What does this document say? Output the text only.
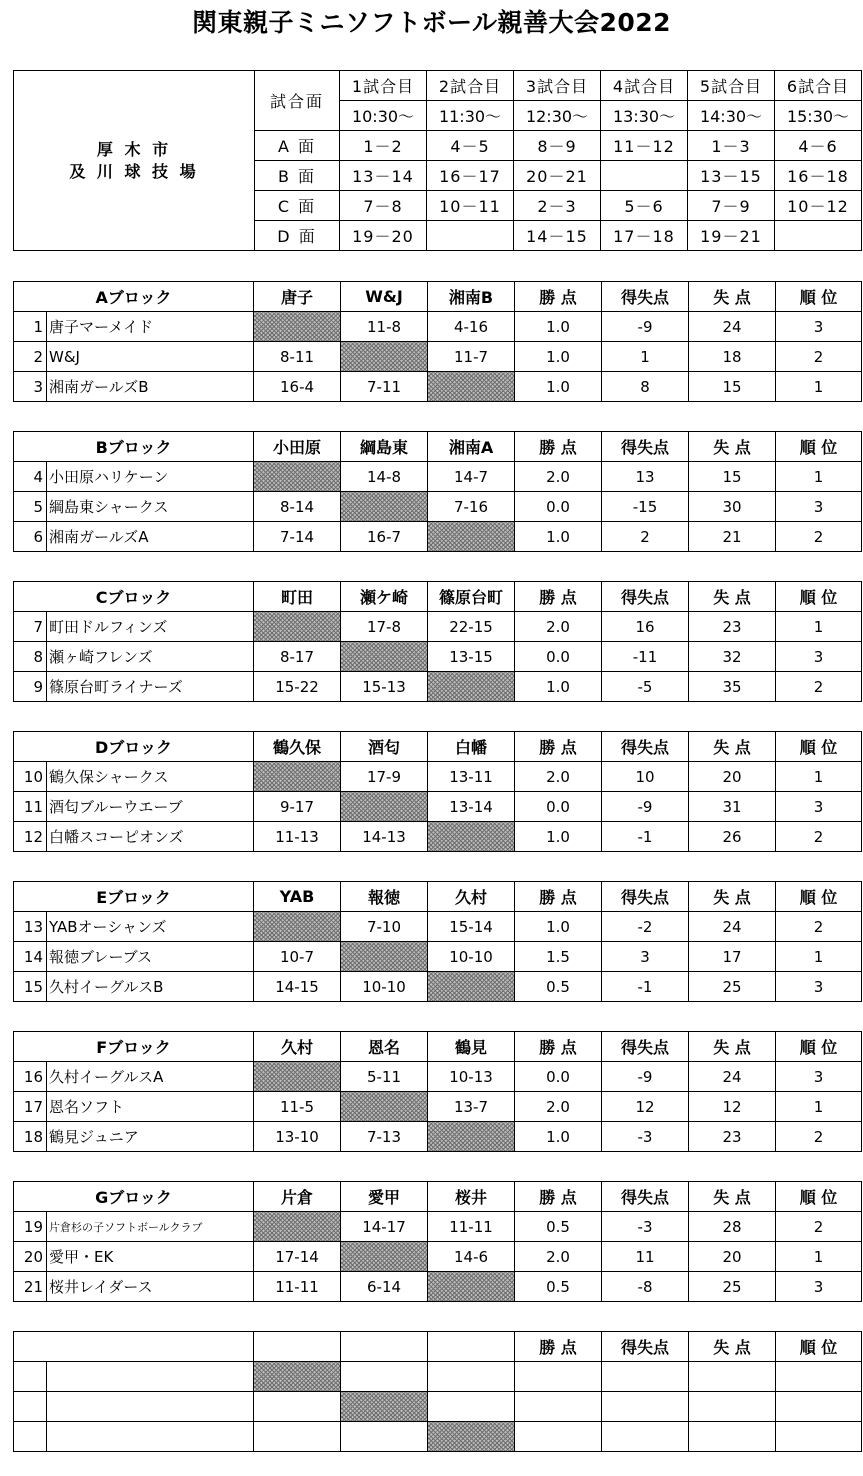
関東親子ミニソフトボール親善大会2022
厚 木 市
及 川 球 技 場	試合面	1試合目	2試合目	3試合目	4試合目	5試合目	6試合目
		10:30～	11:30～	12:30～	13:30～	14:30～	15:30～
	A 面	1－2	4－5	8－9	11－12	1－3	4－6
	B 面	13－14	16－17	20－21		13－15	16－18
	C 面	7－8	10－11	2－3	5－6	7－9	10－12
	D 面	19－20		14－15	17－18	19－21	
Aブロック		唐子	W&J	湘南B	勝 点	得失点	失 点	順 位
1	唐子マーメイド		11-8	4-16	1.0	-9	24	3
2	W&J	8-11		11-7	1.0	1	18	2
3	湘南ガールズB	16-4	7-11		1.0	8	15	1
Bブロック		小田原	綱島東	湘南A	勝 点	得失点	失 点	順 位
4	小田原ハリケーン		14-8	14-7	2.0	13	15	1
5	綱島東シャークス	8-14		7-16	0.0	-15	30	3
6	湘南ガールズA	7-14	16-7		1.0	2	21	2
Cブロック		町田	瀬ケ崎	篠原台町	勝 点	得失点	失 点	順 位
7	町田ドルフィンズ		17-8	22-15	2.0	16	23	1
8	瀬ヶ崎フレンズ	8-17		13-15	0.0	-11	32	3
9	篠原台町ライナーズ	15-22	15-13		1.0	-5	35	2
Dブロック		鶴久保	酒匂	白幡	勝 点	得失点	失 点	順 位
10	鶴久保シャークス		17-9	13-11	2.0	10	20	1
11	酒匂ブルーウエーブ	9-17		13-14	0.0	-9	31	3
12	白幡スコーピオンズ	11-13	14-13		1.0	-1	26	2
Eブロック		YAB	報徳	久村	勝 点	得失点	失 点	順 位
13	YABオーシャンズ		7-10	15-14	1.0	-2	24	2
14	報徳ブレーブス	10-7		10-10	1.5	3	17	1
15	久村イーグルスB	14-15	10-10		0.5	-1	25	3
Fブロック		久村	恩名	鶴見	勝 点	得失点	失 点	順 位
16	久村イーグルスA		5-11	10-13	0.0	-9	24	3
17	恩名ソフト	11-5		13-7	2.0	12	12	1
18	鶴見ジュニア	13-10	7-13		1.0	-3	23	2
Gブロック		片倉	愛甲	桜井	勝 点	得失点	失 点	順 位
19	片倉杉の子ソフトボールクラブ		14-17	11-11	0.5	-3	28	2
20	愛甲・EK	17-14		14-6	2.0	11	20	1
21	桜井レイダース	11-11	6-14		0.5	-8	25	3
					勝 点	得失点	失 点	順 位
